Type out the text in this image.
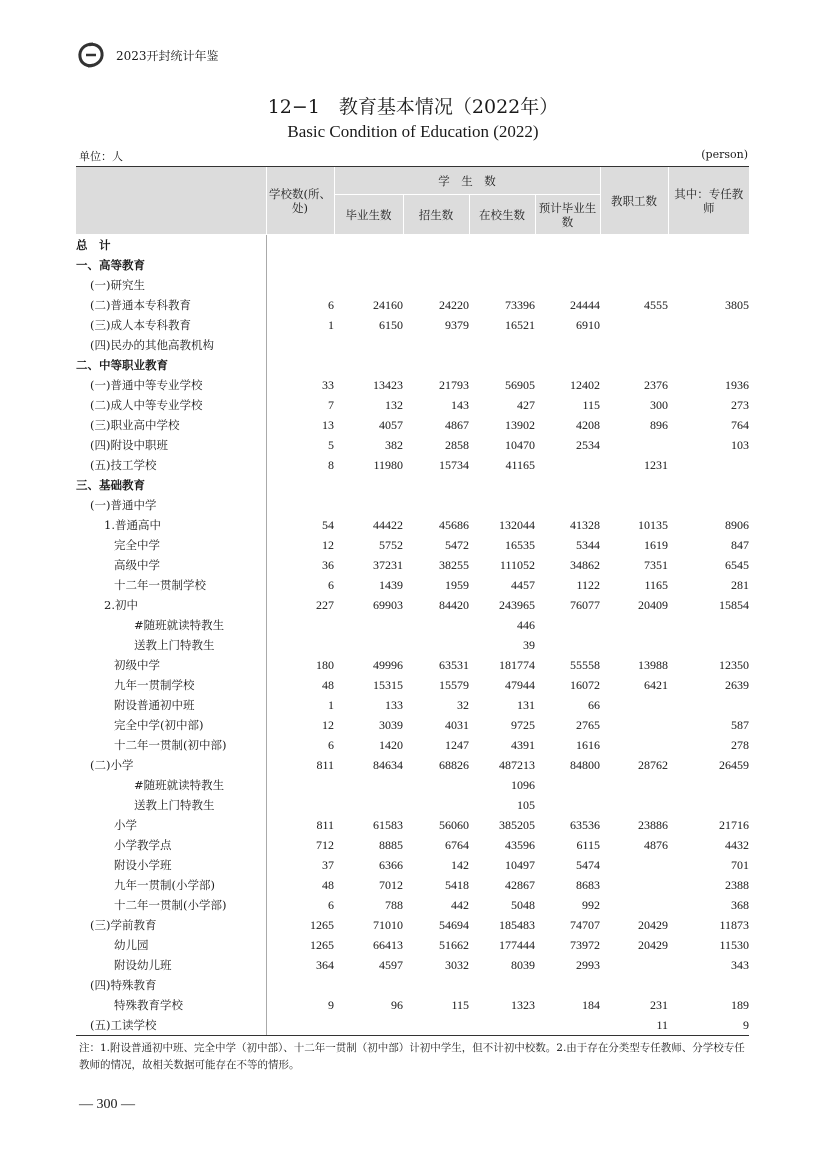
2023开封统计年鉴
12−1　教育基本情况（2022年）
Basic Condition of Education (2022)
单位：人	(person)
	学校数(所、处)	学　生　数				教职工数	其中：专任教师
		毕业生数	招生数	在校生数	预计毕业生数		
总　计							
一、高等教育							
(一)研究生							
(二)普通本专科教育	6	24160	24220	73396	24444	4555	3805
(三)成人本专科教育	1	6150	9379	16521	6910		
(四)民办的其他高教机构							
二、中等职业教育							
(一)普通中等专业学校	33	13423	21793	56905	12402	2376	1936
(二)成人中等专业学校	7	132	143	427	115	300	273
(三)职业高中学校	13	4057	4867	13902	4208	896	764
(四)附设中职班	5	382	2858	10470	2534		103
(五)技工学校	8	11980	15734	41165		1231	
三、基础教育							
(一)普通中学							
1.普通高中	54	44422	45686	132044	41328	10135	8906
完全中学	12	5752	5472	16535	5344	1619	847
高级中学	36	37231	38255	111052	34862	7351	6545
十二年一贯制学校	6	1439	1959	4457	1122	1165	281
2.初中	227	69903	84420	243965	76077	20409	15854
#随班就读特教生				446			
送教上门特教生				39			
初级中学	180	49996	63531	181774	55558	13988	12350
九年一贯制学校	48	15315	15579	47944	16072	6421	2639
附设普通初中班	1	133	32	131	66		
完全中学(初中部)	12	3039	4031	9725	2765		587
十二年一贯制(初中部)	6	1420	1247	4391	1616		278
(二)小学	811	84634	68826	487213	84800	28762	26459
#随班就读特教生				1096			
送教上门特教生				105			
小学	811	61583	56060	385205	63536	23886	21716
小学教学点	712	8885	6764	43596	6115	4876	4432
附设小学班	37	6366	142	10497	5474		701
九年一贯制(小学部)	48	7012	5418	42867	8683		2388
十二年一贯制(小学部)	6	788	442	5048	992		368
(三)学前教育	1265	71010	54694	185483	74707	20429	11873
幼儿园	1265	66413	51662	177444	73972	20429	11530
附设幼儿班	364	4597	3032	8039	2993		343
(四)特殊教育							
特殊教育学校	9	96	115	1323	184	231	189
(五)工读学校						11	9
注：1.附设普通初中班、完全中学（初中部）、十二年一贯制（初中部）计初中学生，但不计初中校数。2.由于存在分类型专任教师、分学校专任教师的情况，故相关数据可能存在不等的情形。
— 300 —
